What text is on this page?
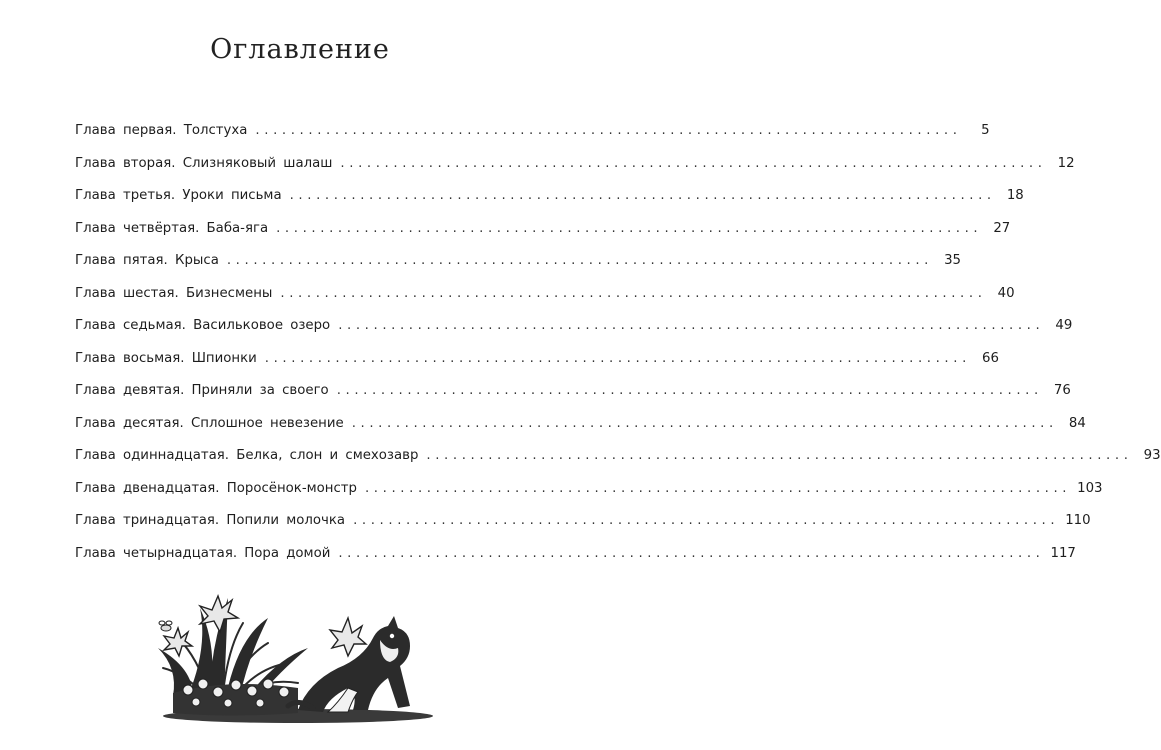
Оглавление
Глава первая. Толстуха ................................................................................	5
Глава вторая. Слизняковый шалаш ................................................................................ 12
Глава третья. Уроки письма ................................................................................ 18
Глава четвёртая. Баба-яга ................................................................................ 27
Глава пятая. Крыса ................................................................................ 35
Глава шестая. Бизнесмены ................................................................................ 40
Глава седьмая. Васильковое озеро ................................................................................ 49
Глава восьмая. Шпионки ................................................................................ 66
Глава девятая. Приняли за своего ................................................................................ 76
Глава десятая. Сплошное невезение ................................................................................ 84
Глава одиннадцатая. Белка, слон и смехозавр ................................................................................ 93
Глава двенадцатая. Поросёнок-монстр ................................................................................ 103
Глава тринадцатая. Попили молочка ................................................................................ 110
Глава четырнадцатая. Пора домой ................................................................................ 117
